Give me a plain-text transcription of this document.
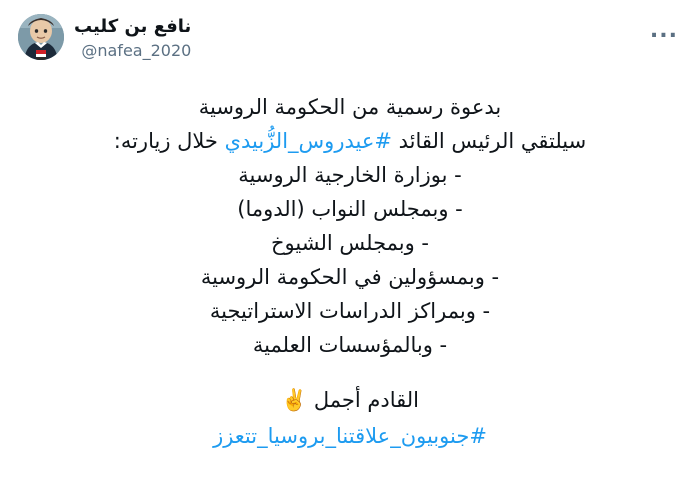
نافع بن كليب
@nafea_2020
...
بدعوة رسمية من الحكومة الروسية
سيلتقي الرئيس القائد #عيدروس_الزُّبيدي خلال زيارته:
- بوزارة الخارجية الروسية
- وبمجلس النواب (الدوما)
- وبمجلس الشيوخ
- وبمسؤولين في الحكومة الروسية
- وبمراكز الدراسات الاستراتيجية
- وبالمؤسسات العلمية
القادم أجمل ✌️
#جنوبيون_علاقتنا_بروسيا_تتعزز
